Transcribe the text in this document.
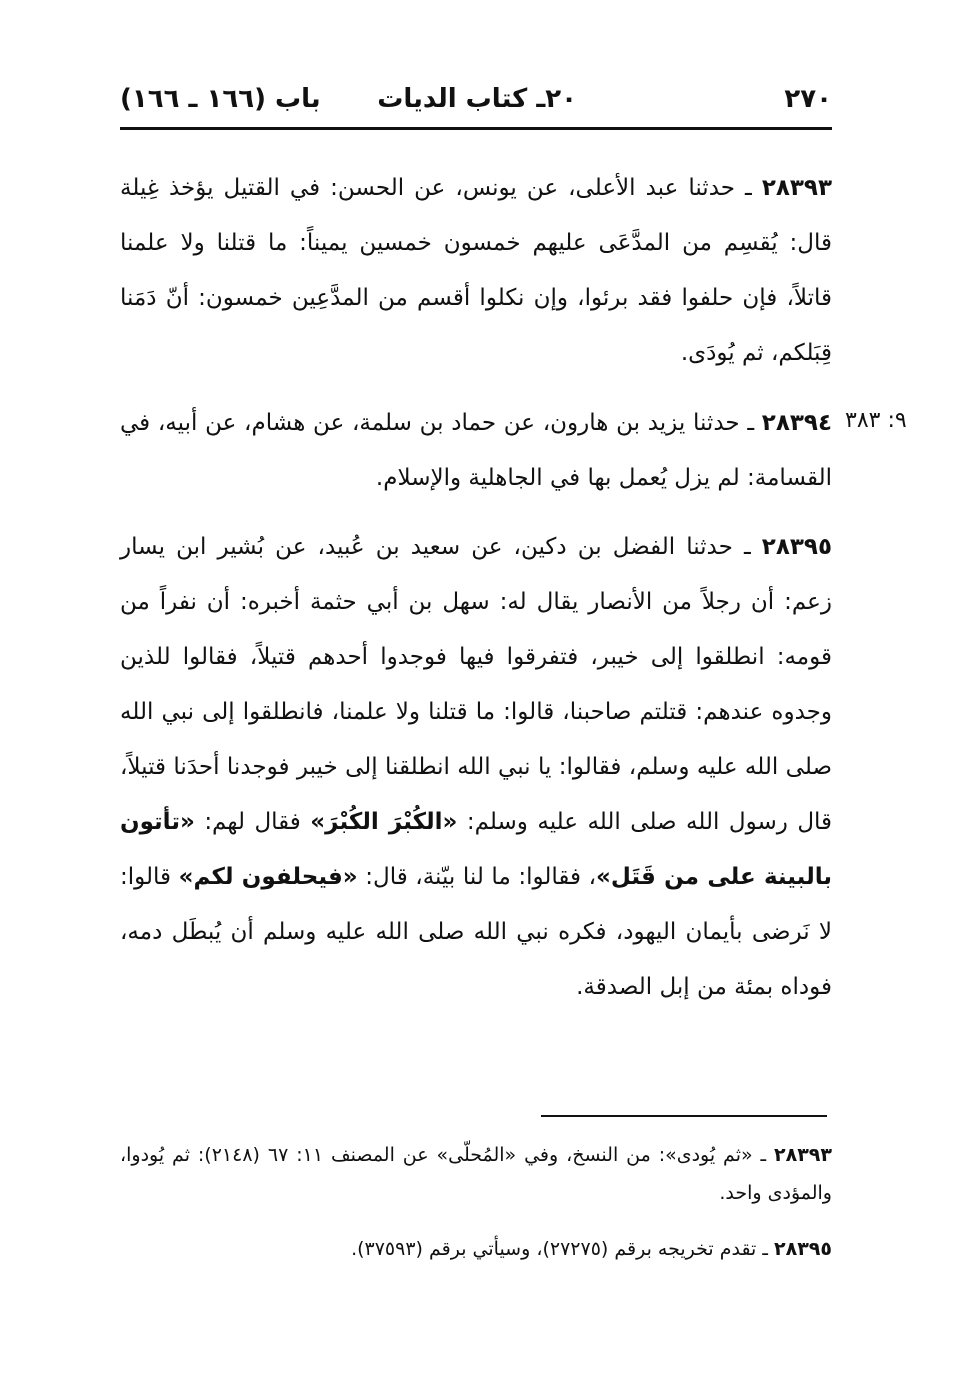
٢٧٠
٢٠ـ كتاب الديات
باب (١٦٦ ـ ١٦٦)
٢٨٣٩٣ ـ حدثنا عبد الأعلى، عن يونس، عن الحسن: في القتيل يؤخذ غِيلة قال: يُقسِم من المدَّعَى عليهم خمسون خمسين يميناً: ما قتلنا ولا علمنا قاتلاً، فإن حلفوا فقد برئوا، وإن نكلوا أقسم من المدَّعِين خمسون: أنّ دَمَنا قِبَلكم، ثم يُودَى.
٩: ٣٨٣
٢٨٣٩٤ ـ حدثنا يزيد بن هارون، عن حماد بن سلمة، عن هشام، عن أبيه، في القسامة: لم يزل يُعمل بها في الجاهلية والإسلام.
٢٨٣٩٥ ـ حدثنا الفضل بن دكين، عن سعيد بن عُبيد، عن بُشير ابن يسار زعم: أن رجلاً من الأنصار يقال له: سهل بن أبي حثمة أخبره: أن نفراً من قومه: انطلقوا إلى خيبر، فتفرقوا فيها فوجدوا أحدهم قتيلاً، فقالوا للذين وجدوه عندهم: قتلتم صاحبنا، قالوا: ما قتلنا ولا علمنا، فانطلقوا إلى نبي الله صلى الله عليه وسلم، فقالوا: يا نبي الله انطلقنا إلى خيبر فوجدنا أحدَنا قتيلاً، قال رسول الله صلى الله عليه وسلم: «الكُبْرَ الكُبْرَ» فقال لهم: «تأتون بالبينة على من قَتَل»، فقالوا: ما لنا بيّنة، قال: «فيحلفون لكم» قالوا: لا نَرضى بأيمان اليهود، فكره نبي الله صلى الله عليه وسلم أن يُبطَل دمه، فوداه بمئة من إبل الصدقة.
٢٨٣٩٣ ـ «ثم يُودى»: من النسخ، وفي «المُحلّى» عن المصنف ١١: ٦٧ (٢١٤٨): ثم يُودوا، والمؤدى واحد.
٢٨٣٩٥ ـ تقدم تخريجه برقم (٢٧٢٧٥)، وسيأتي برقم (٣٧٥٩٣).
